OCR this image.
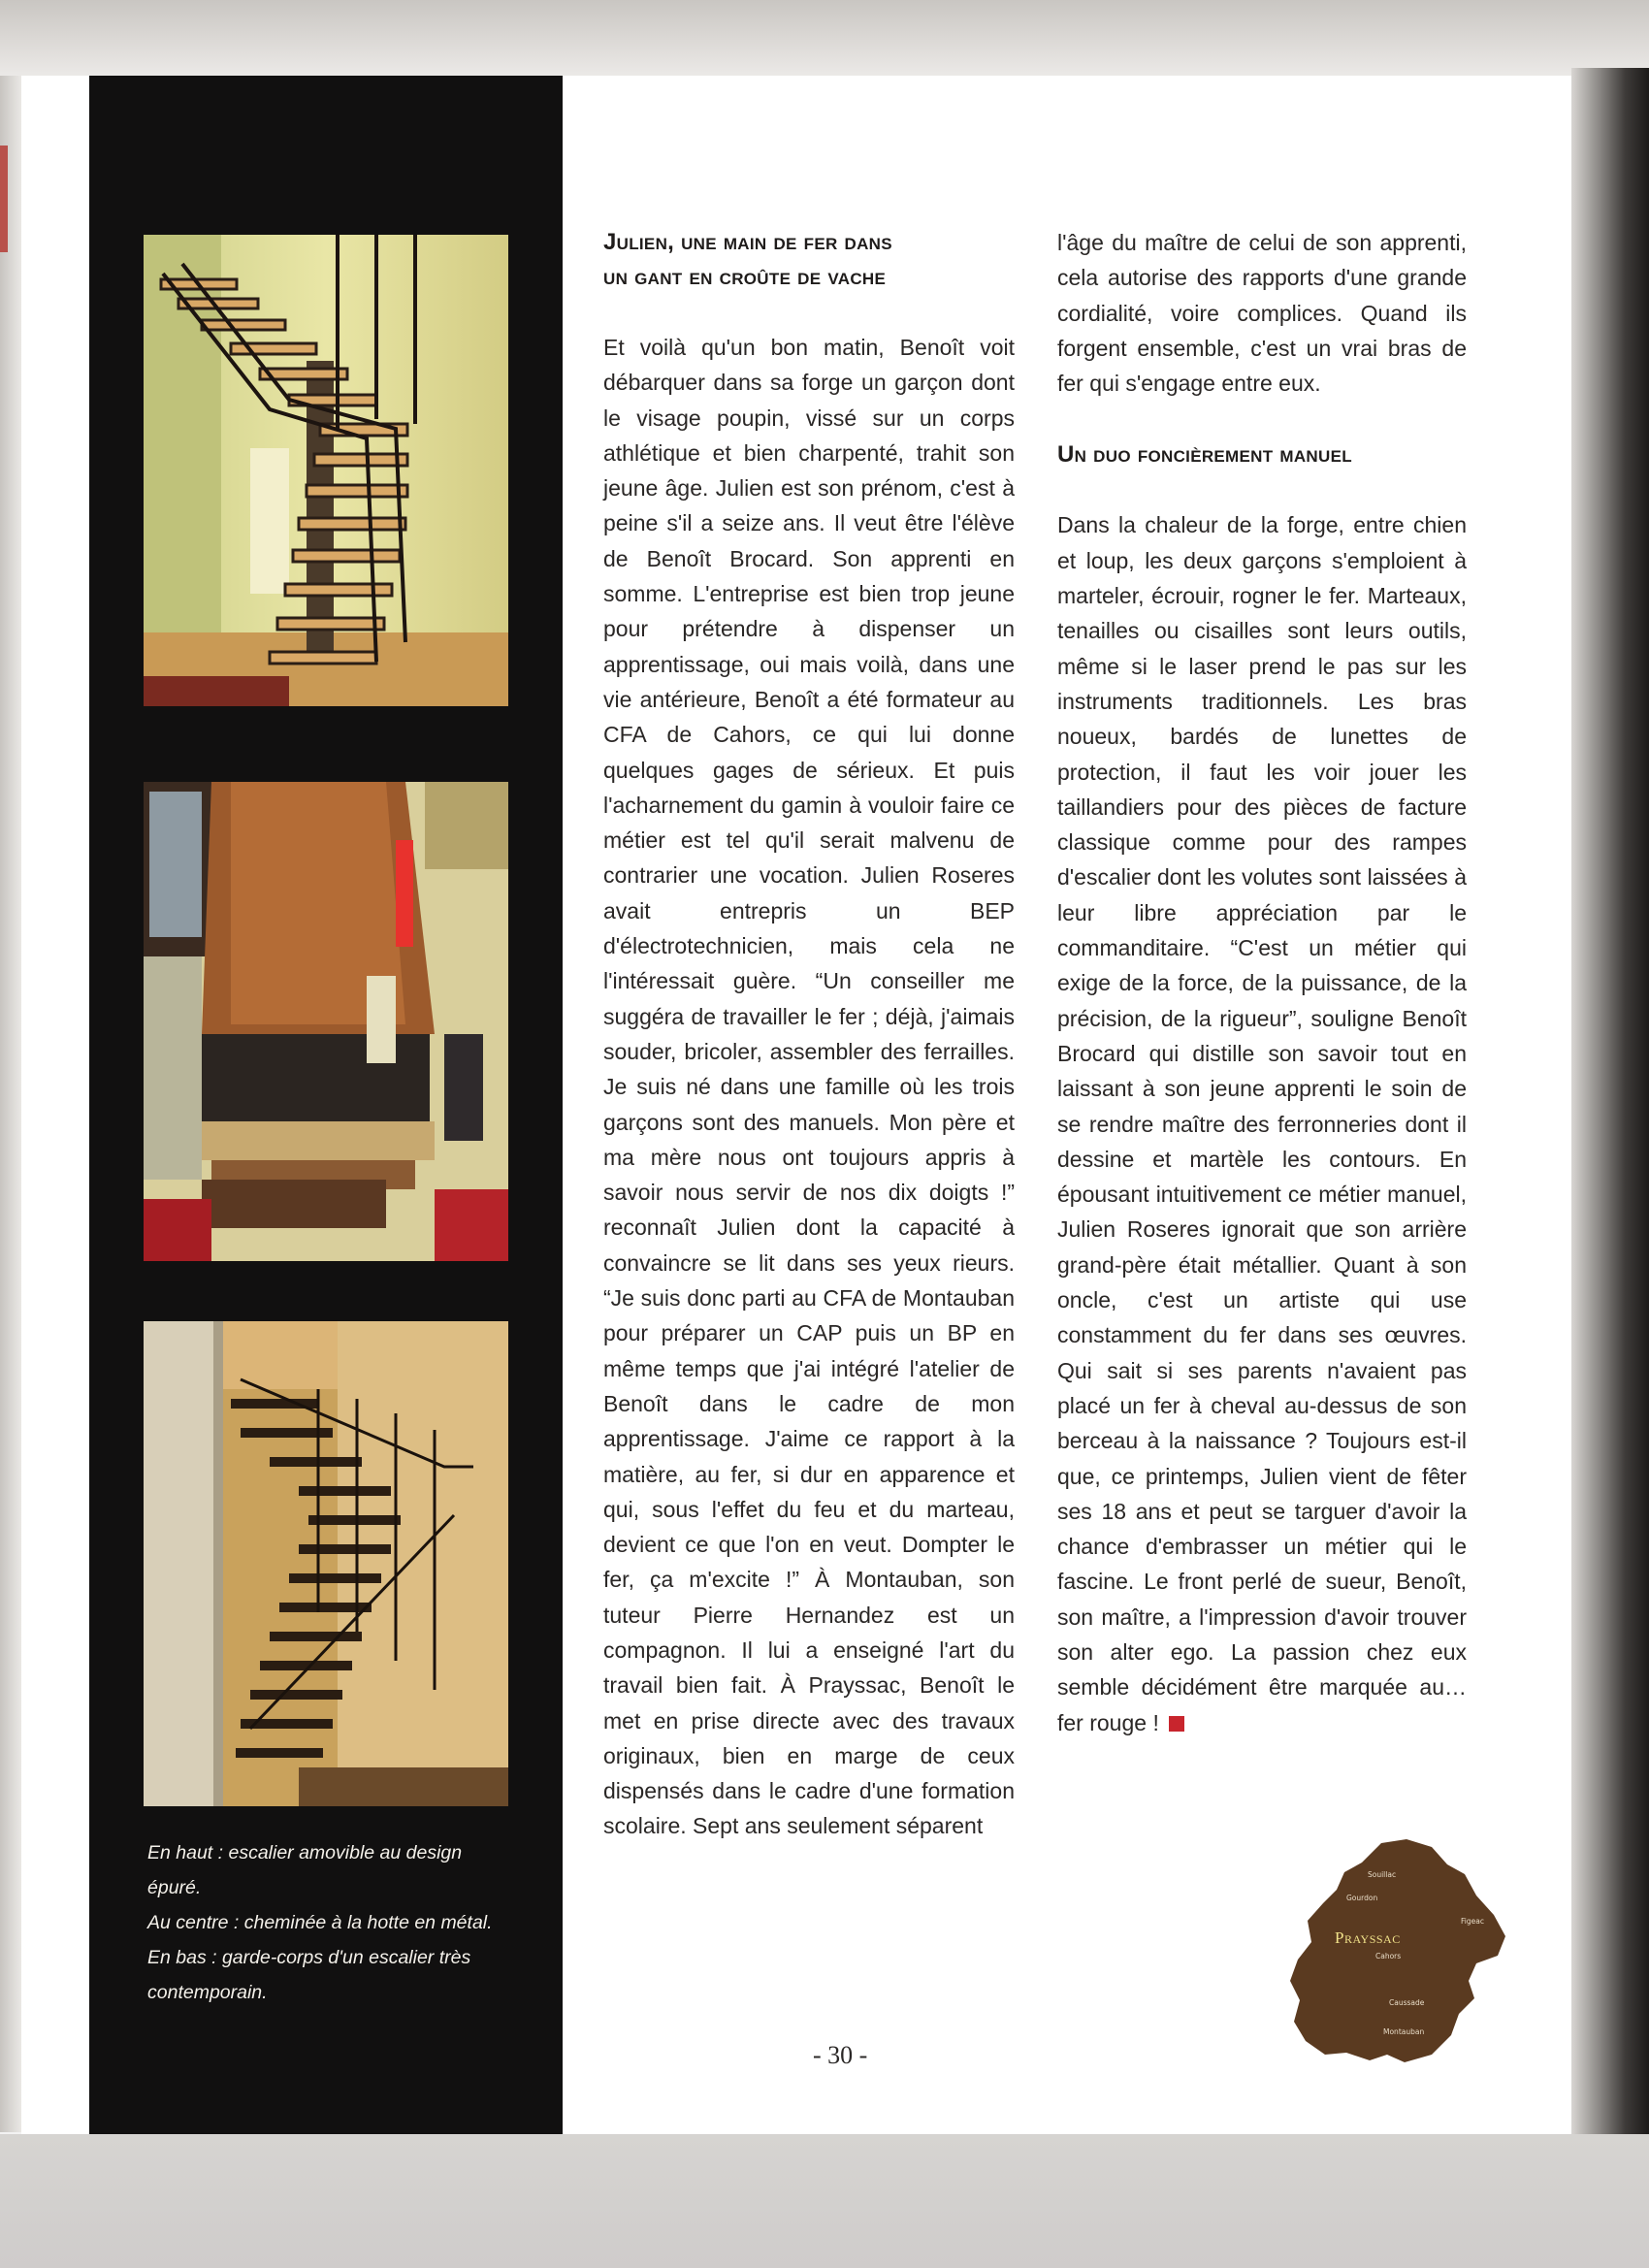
En haut : escalier amovible au design épuré.

Au centre : cheminée à la hotte en métal.

En bas : garde-corps d'un escalier très contemporain.

Julien, une main de fer dans
un gant en croûte de vache

Et voilà qu'un bon matin, Benoît voit débarquer dans sa forge un garçon dont le visage poupin, vissé sur un corps athlétique et bien charpenté, trahit son jeune âge. Julien est son prénom, c'est à peine s'il a seize ans. Il veut être l'élève de Benoît Brocard. Son apprenti en somme. L'entreprise est bien trop jeune pour prétendre à dispenser un apprentissage, oui mais voilà, dans une vie antérieure, Benoît a été formateur au CFA de Cahors, ce qui lui donne quelques gages de sérieux. Et puis l'acharnement du gamin à vouloir faire ce métier est tel qu'il serait malvenu de contrarier une vocation. Julien Roseres avait entrepris un BEP d'électrotechnicien, mais cela ne l'intéressait guère. “Un conseiller me suggéra de travailler le fer ; déjà, j'aimais souder, bricoler, assembler des ferrailles. Je suis né dans une famille où les trois garçons sont des manuels. Mon père et ma mère nous ont toujours appris à savoir nous servir de nos dix doigts !” reconnaît Julien dont la capacité à convaincre se lit dans ses yeux rieurs. “Je suis donc parti au CFA de Montauban pour préparer un CAP puis un BP en même temps que j'ai intégré l'atelier de Benoît dans le cadre de mon apprentissage. J'aime ce rapport à la matière, au fer, si dur en apparence et qui, sous l'effet du feu et du marteau, devient ce que l'on en veut. Dompter le fer, ça m'excite !” À Montauban, son tuteur Pierre Hernandez est un compagnon. Il lui a enseigné l'art du travail bien fait. À Prayssac, Benoît le met en prise directe avec des travaux originaux, bien en marge de ceux dispensés dans le cadre d'une formation scolaire. Sept ans seulement séparent

l'âge du maître de celui de son apprenti, cela autorise des rapports d'une grande cordialité, voire complices. Quand ils forgent ensemble, c'est un vrai bras de fer qui s'engage entre eux.

Un duo foncièrement manuel

Dans la chaleur de la forge, entre chien et loup, les deux garçons s'emploient à marteler, écrouir, rogner le fer. Marteaux, tenailles ou cisailles sont leurs outils, même si le laser prend le pas sur les instruments traditionnels. Les bras noueux, bardés de lunettes de protection, il faut les voir jouer les taillandiers pour des pièces de facture classique comme pour des rampes d'escalier dont les volutes sont laissées à leur libre appréciation par le commanditaire. “C'est un métier qui exige de la force, de la puissance, de la précision, de la rigueur”, souligne Benoît Brocard qui distille son savoir tout en laissant à son jeune apprenti le soin de se rendre maître des ferronneries dont il dessine et martèle les contours. En épousant intuitivement ce métier manuel, Julien Roseres ignorait que son arrière grand-père était métallier. Quant à son oncle, c'est un artiste qui use constamment du fer dans ses œuvres. Qui sait si ses parents n'avaient pas placé un fer à cheval au-dessus de son berceau à la naissance ? Toujours est-il que, ce printemps, Julien vient de fêter ses 18 ans et peut se targuer d'avoir la chance d'embrasser un métier qui le fascine. Le front perlé de sueur, Benoît, son maître, a l'impression d'avoir trouver son alter ego. La passion chez eux semble décidément être marquée au… fer rouge !

- 30 -
Souillac
Gourdon
Figeac
Prayssac
Cahors
Caussade
Montauban
